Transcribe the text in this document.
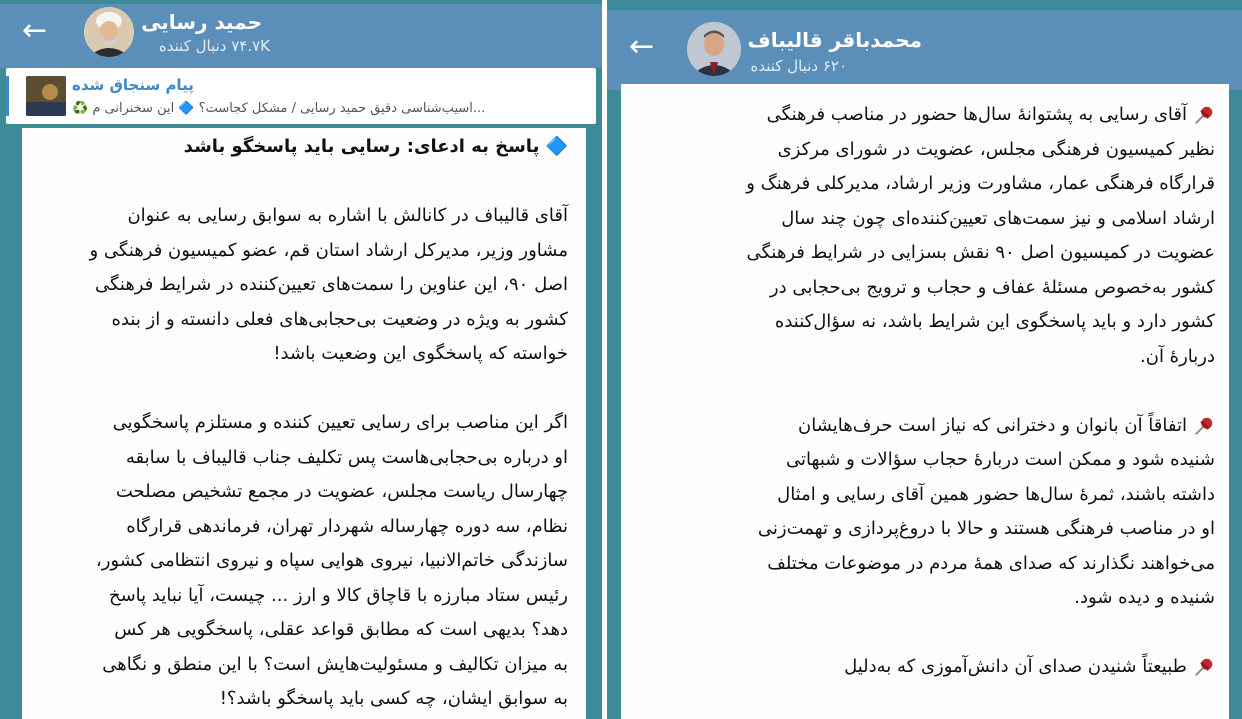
←	حمید رسایی
۷۴.۷K دنبال کننده
پیام سنجاق شده
♻️ آسیب‌شناسی دقیق حمید رسایی / مشکل کجاست؟ 🔷 این سخنرانی م...
🔷 پاسخ به ادعای: رسایی باید پاسخگو باشد
آقای قالیباف در کانالش با اشاره به سوابق رسایی به عنوان
مشاور وزیر، مدیرکل ارشاد استان قم، عضو کمیسیون فرهنگی و
اصل ۹۰، این عناوین را سمت‌های تعیین‌کننده در شرایط فرهنگی
کشور به ویژه در وضعیت بی‌حجابی‌های فعلی دانسته و از بنده
خواسته که پاسخگوی این وضعیت باشد!
اگر این مناصب برای رسایی تعیین کننده و مستلزم پاسخگویی
او درباره بی‌حجابی‌هاست پس تکلیف جناب قالیباف با سابقه
چهارسال ریاست مجلس، عضویت در مجمع تشخیص مصلحت
نظام، سه دوره چهارساله شهردار تهران، فرماندهی قرارگاه
سازندگی خاتم‌الانبیا، نیروی هوایی سپاه و نیروی انتظامی کشور،
رئیس ستاد مبارزه با قاچاق کالا و ارز ... چیست، آیا نباید پاسخ
دهد؟ بدیهی است که مطابق قواعد عقلی، پاسخگویی هر کس
به میزان تکالیف و مسئولیت‌هایش است؟ با این منطق و نگاهی
به سوابق ایشان، چه کسی باید پاسخگو باشد؟!
←	محمدباقر قالیباف
۶۲۰ دنبال کننده
آقای رسایی به پشتوانهٔ سال‌ها حضور در مناصب فرهنگی
نظیر کمیسیون فرهنگی مجلس، عضویت در شورای مرکزی
قرارگاه فرهنگی عمار، مشاورت وزیر ارشاد، مدیرکلی فرهنگ و
ارشاد اسلامی و نیز سمت‌های تعیین‌کننده‌ای چون چند سال
عضویت در کمیسیون اصل ۹۰ نقش بسزایی در شرایط فرهنگی
کشور به‌خصوص مسئلهٔ عفاف و حجاب و ترویج بی‌حجابی در
کشور دارد و باید پاسخگوی این شرایط باشد، نه سؤال‌کننده
دربارهٔ آن.
اتفاقاً آن بانوان و دخترانی که نیاز است حرف‌هایشان
شنیده شود و ممکن است دربارهٔ حجاب سؤالات و شبهاتی
داشته باشند، ثمرهٔ سال‌ها حضور همین آقای رسایی و امثال
او در مناصب فرهنگی هستند و حالا با دروغ‌پردازی و تهمت‌زنی
می‌خواهند نگذارند که صدای همهٔ مردم در موضوعات مختلف
شنیده و دیده شود.
طبیعتاً شنیدن صدای آن دانش‌آموزی که به‌دلیل
